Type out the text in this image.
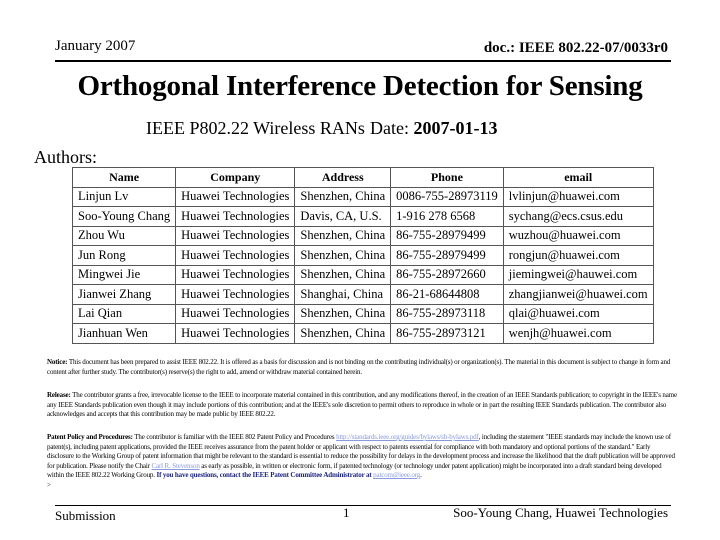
January 2007	doc.: IEEE 802.22-07/0033r0
Orthogonal Interference Detection for Sensing
IEEE P802.22 Wireless RANs Date: 2007-01-13
Authors:
Name	Company	Address	Phone	email
Linjun Lv	Huawei Technologies	Shenzhen, China	0086-755-28973119	lvlinjun@huawei.com
Soo-Young Chang	Huawei Technologies	Davis, CA, U.S.	1-916 278 6568	sychang@ecs.csus.edu
Zhou Wu	Huawei Technologies	Shenzhen, China	86-755-28979499	wuzhou@huawei.com
Jun Rong	Huawei Technologies	Shenzhen, China	86-755-28979499	rongjun@huawei.com
Mingwei Jie	Huawei Technologies	Shenzhen, China	86-755-28972660	jiemingwei@hauwei.com
Jianwei Zhang	Huawei Technologies	Shanghai, China	86-21-68644808	zhangjianwei@huawei.com
Lai Qian	Huawei Technologies	Shenzhen, China	86-755-28973118	qlai@huawei.com
Jianhuan Wen	Huawei Technologies	Shenzhen, China	86-755-28973121	wenjh@huawei.com
Notice: This document has been prepared to assist IEEE 802.22. It is offered as a basis for discussion and is not binding on the contributing individual(s) or organization(s). The material in this document is subject to change in form and content after further study. The contributor(s) reserve(s) the right to add, amend or withdraw material contained herein.
Release: The contributor grants a free, irrevocable license to the IEEE to incorporate material contained in this contribution, and any modifications thereof, in the creation of an IEEE Standards publication; to copyright in the IEEE's name any IEEE Standards publication even though it may include portions of this contribution; and at the IEEE's sole discretion to permit others to reproduce in whole or in part the resulting IEEE Standards publication. The contributor also acknowledges and accepts that this contribution may be made public by IEEE 802.22.
Patent Policy and Procedures: The contributor is familiar with the IEEE 802 Patent Policy and Procedures http://standards.ieee.org/guides/bylaws/sb-bylaws.pdf, including the statement "IEEE standards may include the known use of patent(s), including patent applications, provided the IEEE receives assurance from the patent holder or applicant with respect to patents essential for compliance with both mandatory and optional portions of the standard." Early disclosure to the Working Group of patent information that might be relevant to the standard is essential to reduce the possibility for delays in the development process and increase the likelihood that the draft publication will be approved for publication. Please notify the Chair Carl R. Stevenson as early as possible, in written or electronic form, if patented technology (or technology under patent application) might be incorporated into a draft standard being developed within the IEEE 802.22 Working Group. If you have questions, contact the IEEE Patent Committee Administrator at patcom@ieee.org.
>
Submission	1	Soo-Young Chang, Huawei Technologies
